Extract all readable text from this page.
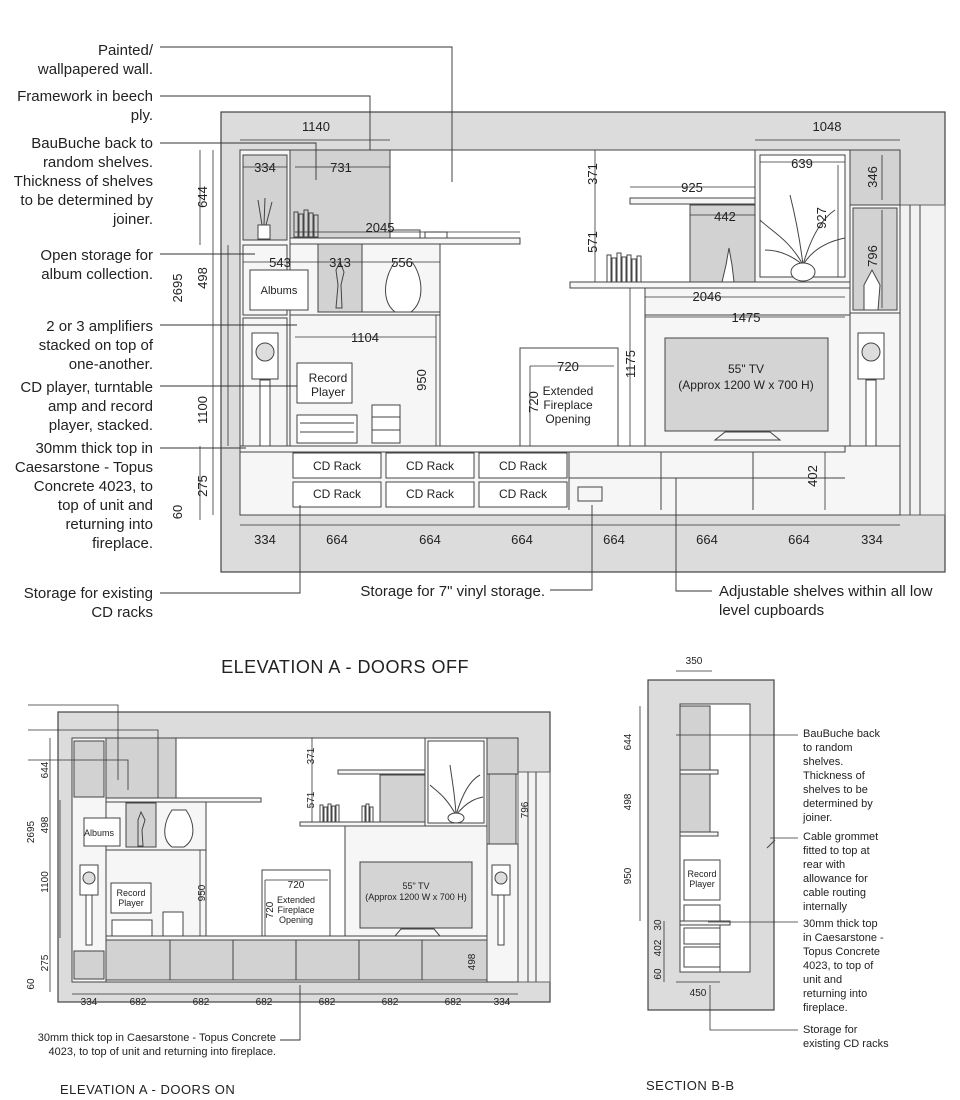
Albums
Record
Player	Extended
Fireplace
Opening
55" TV
(Approx 1200 W x 700 H)
CD Rack	CD Rack	CD Rack
CD Rack	CD Rack	CD Rack
1140	1048
334	731
2045
543	313	556
925
442
639
2046
1475
1104
720
371
571
927
346
796
950
720
1175
402
644
498
2695
1100
275
60
334	664	664	664	664	664	664	334
Painted/
wallpapered wall.
Framework in beech
ply.
BauBuche back to
random shelves.
Thickness of shelves
to be determined by
joiner.
Open storage for
album collection.
2 or 3 amplifiers
stacked on top of
one-another.
CD player, turntable
amp and record
player, stacked.
30mm thick top in
Caesarstone - Topus
Concrete 4023, to
top of unit and
returning into
fireplace.
Storage for existing
CD racks
Storage for 7" vinyl storage.	Adjustable shelves within all low
level cupboards
ELEVATION A - DOORS OFF
Albums
Record
Player	Extended
Fireplace
Opening
55" TV
(Approx 1200 W x 700 H)
644
2695 498
1100
275
60
371
571
796
950	720
720
498
334	682	682	682	682	682	682	334
30mm thick top in Caesarstone - Topus Concrete
4023, to top of unit and returning into fireplace.
ELEVATION A - DOORS ON
350
644
498
950
30
402
60
450
Record
Player
BauBuche back
to random
shelves.
Thickness of
shelves to be
determined by
joiner.
Cable grommet
fitted to top at
rear with
allowance for
cable routing
internally
30mm thick top
in Caesarstone -
Topus Concrete
4023, to top of
unit and
returning into
fireplace.
Storage for
existing CD racks
SECTION B-B
